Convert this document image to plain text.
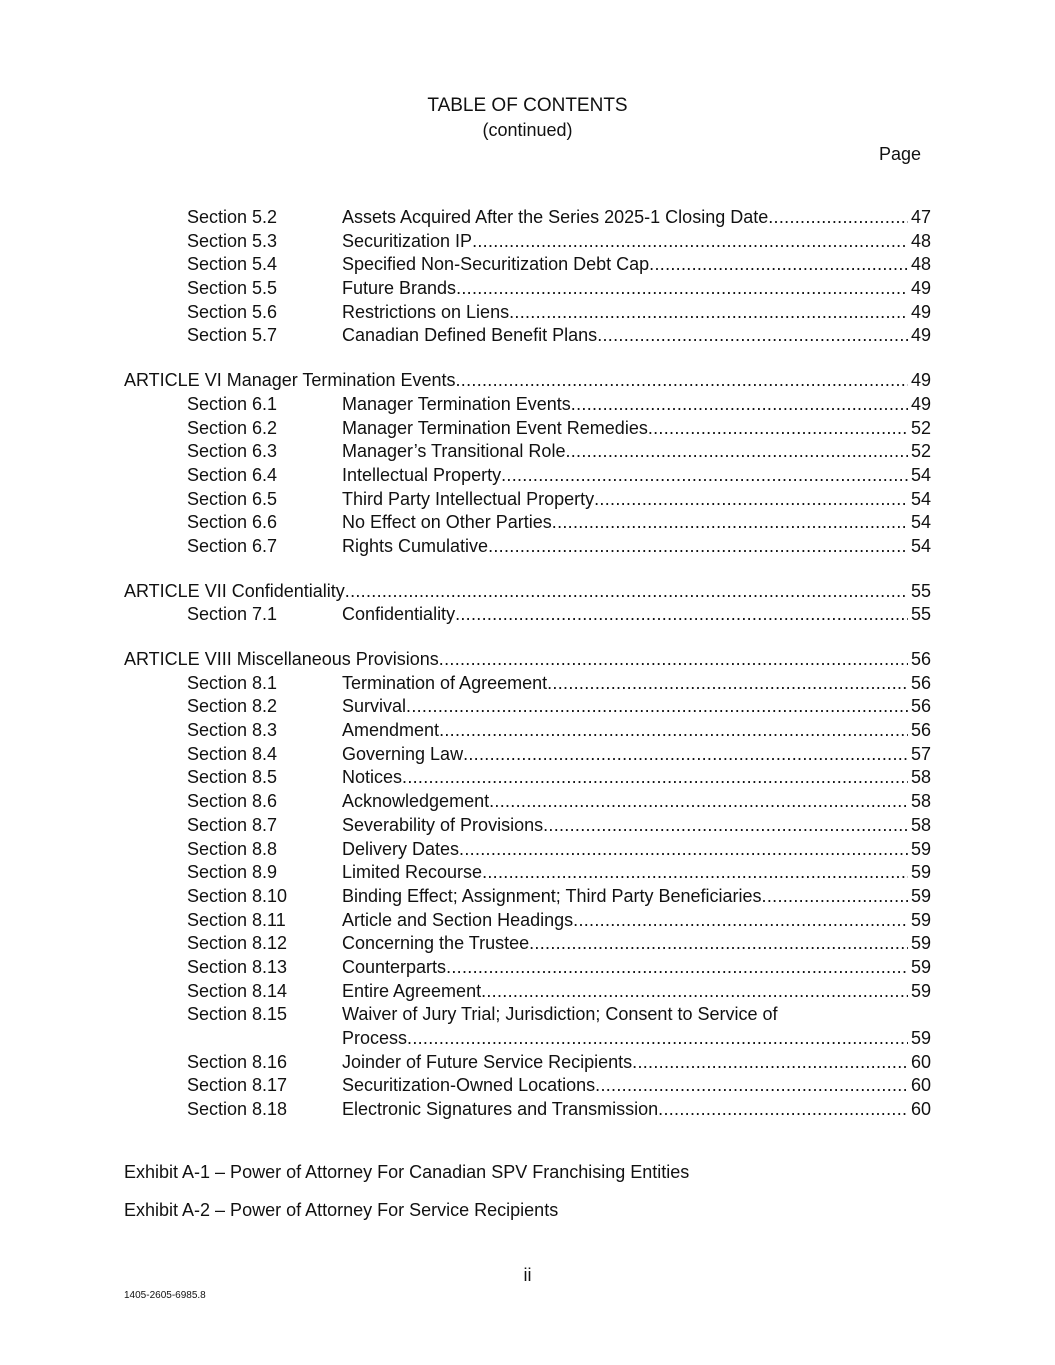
TABLE OF CONTENTS
(continued)
Page
Section 5.2	Assets Acquired After the Series 2025-1 Closing Date .....	47
Section 5.3	Securitization IP .....	48
Section 5.4	Specified Non-Securitization Debt Cap .....	48
Section 5.5	Future Brands .....	49
Section 5.6	Restrictions on Liens .....	49
Section 5.7	Canadian Defined Benefit Plans .....	49
ARTICLE VI Manager Termination Events .....	49
Section 6.1	Manager Termination Events .....	49
Section 6.2	Manager Termination Event Remedies .....	52
Section 6.3	Manager’s Transitional Role .....	52
Section 6.4	Intellectual Property .....	54
Section 6.5	Third Party Intellectual Property .....	54
Section 6.6	No Effect on Other Parties .....	54
Section 6.7	Rights Cumulative .....	54
ARTICLE VII Confidentiality .....	55
Section 7.1	Confidentiality .....	55
ARTICLE VIII Miscellaneous Provisions .....	56
Section 8.1	Termination of Agreement .....	56
Section 8.2	Survival .....	56
Section 8.3	Amendment .....	56
Section 8.4	Governing Law .....	57
Section 8.5	Notices .....	58
Section 8.6	Acknowledgement .....	58
Section 8.7	Severability of Provisions .....	58
Section 8.8	Delivery Dates .....	59
Section 8.9	Limited Recourse .....	59
Section 8.10	Binding Effect; Assignment; Third Party Beneficiaries .....	59
Section 8.11	Article and Section Headings .....	59
Section 8.12	Concerning the Trustee .....	59
Section 8.13	Counterparts .....	59
Section 8.14	Entire Agreement .....	59
Section 8.15	Waiver of Jury Trial; Jurisdiction; Consent to Service of
Process .....	59
Section 8.16	Joinder of Future Service Recipients .....	60
Section 8.17	Securitization-Owned Locations .....	60
Section 8.18	Electronic Signatures and Transmission .....	60
Exhibit A-1 – Power of Attorney For Canadian SPV Franchising Entities
Exhibit A-2 – Power of Attorney For Service Recipients
ii
1405-2605-6985.8
